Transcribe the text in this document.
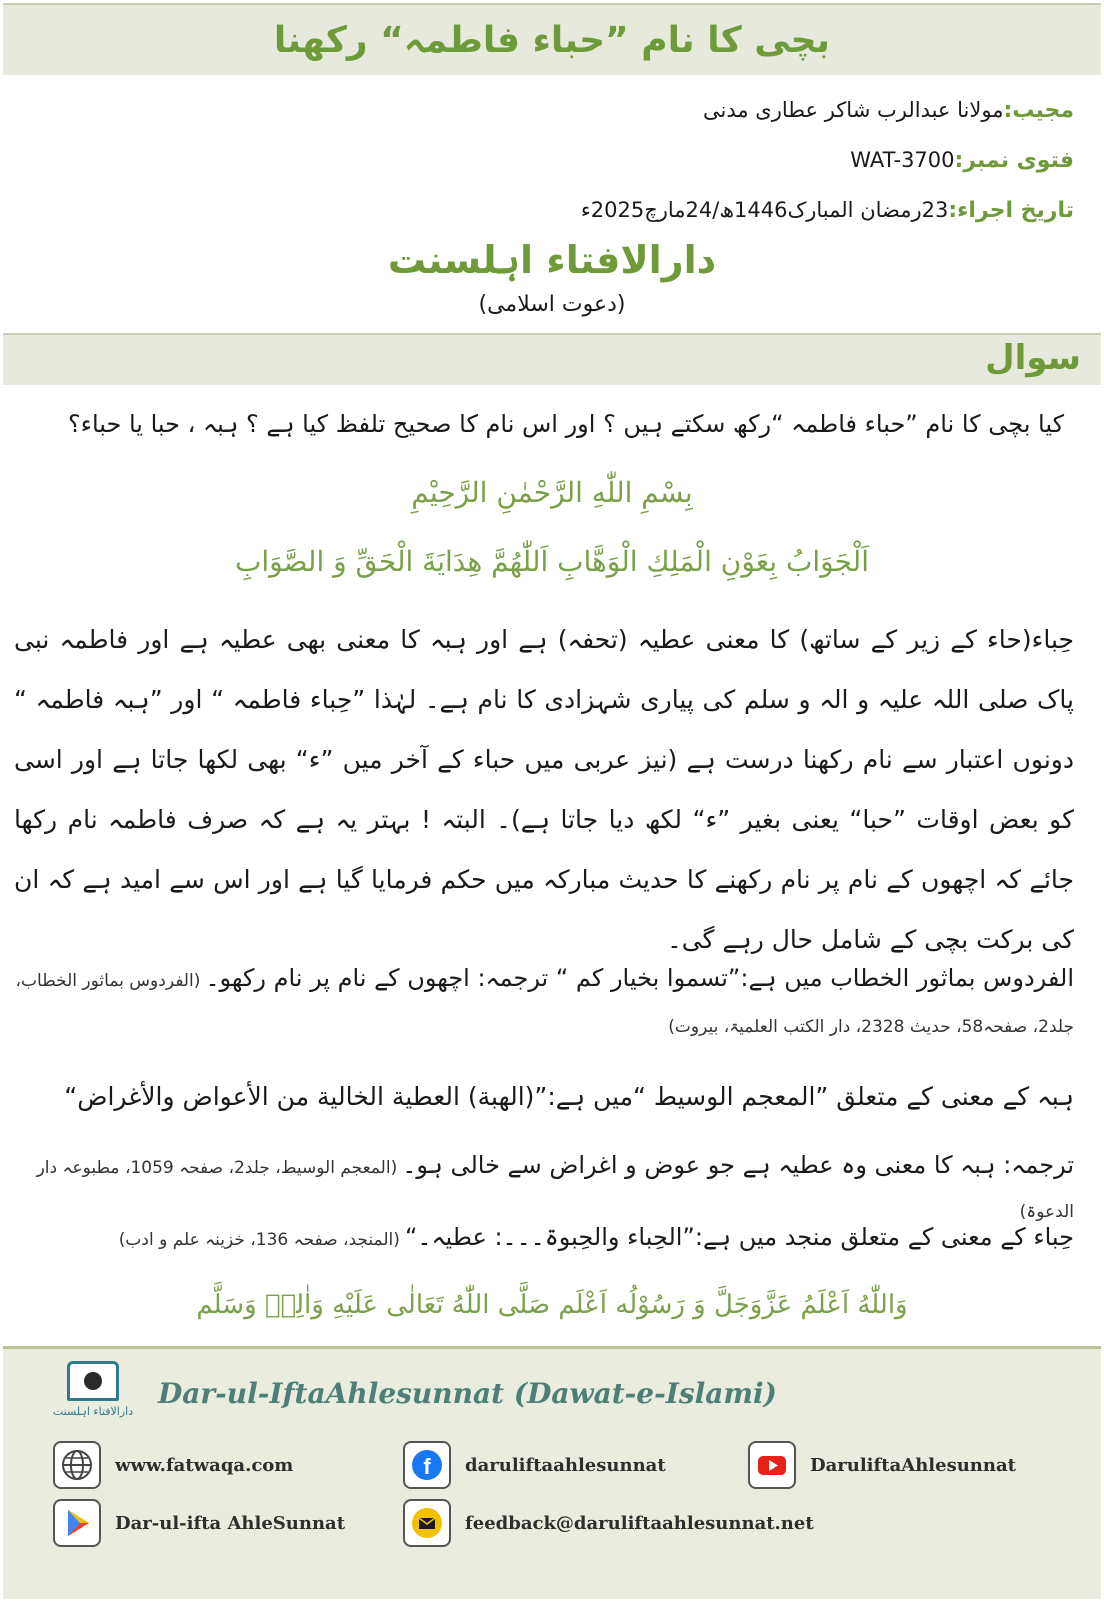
بچی کا نام ”حباء فاطمہ“ رکھنا
مجیب:مولانا عبدالرب شاکر عطاری مدنی
فتوی نمبر:WAT-3700
تاریخ اجراء:23رمضان المبارک1446ھ/24مارچ2025ء
دارالافتاء اہلسنت
(دعوت اسلامی)
سوال
کیا بچی کا نام ”حباء فاطمہ “رکھ سکتے ہیں ؟ اور اس نام کا صحیح تلفظ کیا ہے ؟ ہبہ ، حبا یا حباء؟
بِسْمِ اللّٰهِ الرَّحْمٰنِ الرَّحِيْمِ
اَلْجَوَابُ بِعَوْنِ الْمَلِكِ الْوَهَّابِ اَللّٰهُمَّ هِدَايَةَ الْحَقِّ وَ الصَّوَابِ
حِباء(حاء کے زیر کے ساتھ) کا معنی عطیہ (تحفہ) ہے اور ہبہ کا معنی بھی عطیہ ہے اور فاطمہ نبی پاک صلی اللہ علیہ و الہ و سلم کی پیاری شہزادی کا نام ہے۔ لہٰذا ”حِباء فاطمہ “ اور ”ہبہ فاطمہ “ دونوں اعتبار سے نام رکھنا درست ہے (نیز عربی میں حباء کے آخر میں ”ء“ بھی لکھا جاتا ہے اور اسی کو بعض اوقات ”حبا“ یعنی بغیر ”ء“ لکھ دیا جاتا ہے)۔ البتہ ! بہتر یہ ہے کہ صرف فاطمہ نام رکھا جائے کہ اچھوں کے نام پر نام رکھنے کا حدیث مبارکہ میں حکم فرمایا گیا ہے اور اس سے امید ہے کہ ان کی برکت بچی کے شامل حال رہے گی۔
الفردوس بماثور الخطاب میں ہے:”تسموا بخیار کم “ ترجمہ: اچھوں کے نام پر نام رکھو۔ (الفردوس بماثور الخطاب، جلد2، صفحہ58، حدیث 2328، دار الکتب العلمیۃ، بیروت)
ہبہ کے معنی کے متعلق ”المعجم الوسیط “میں ہے:”(الهبة) العطية الخالية من الأعواض والأغراض“
ترجمہ: ہبہ کا معنی وہ عطیہ ہے جو عوض و اغراض سے خالی ہو۔ (المعجم الوسیط، جلد2، صفحہ 1059، مطبوعہ دار الدعوۃ)
حِباء کے معنی کے متعلق منجد میں ہے:”الحِباء والحِبوۃ۔۔۔: عطیہ۔“ (المنجد، صفحہ 136، خزینہ علم و ادب)
وَاللّٰهُ اَعْلَمُ عَزَّوَجَلَّ وَ رَسُوْلُه اَعْلَم صَلَّی اللّٰهُ تَعَالٰی عَلَيْهِ وَاٰلِهٖ وَسَلَّم
دارالافتاء اہلسنت
Dar-ul-IftaAhlesunnat (Dawat-e-Islami)
www.fatwaqa.com	f daruliftaahlesunnat	DaruliftaAhlesunnat
Dar-ul-ifta AhleSunnat	feedback@daruliftaahlesunnat.net
